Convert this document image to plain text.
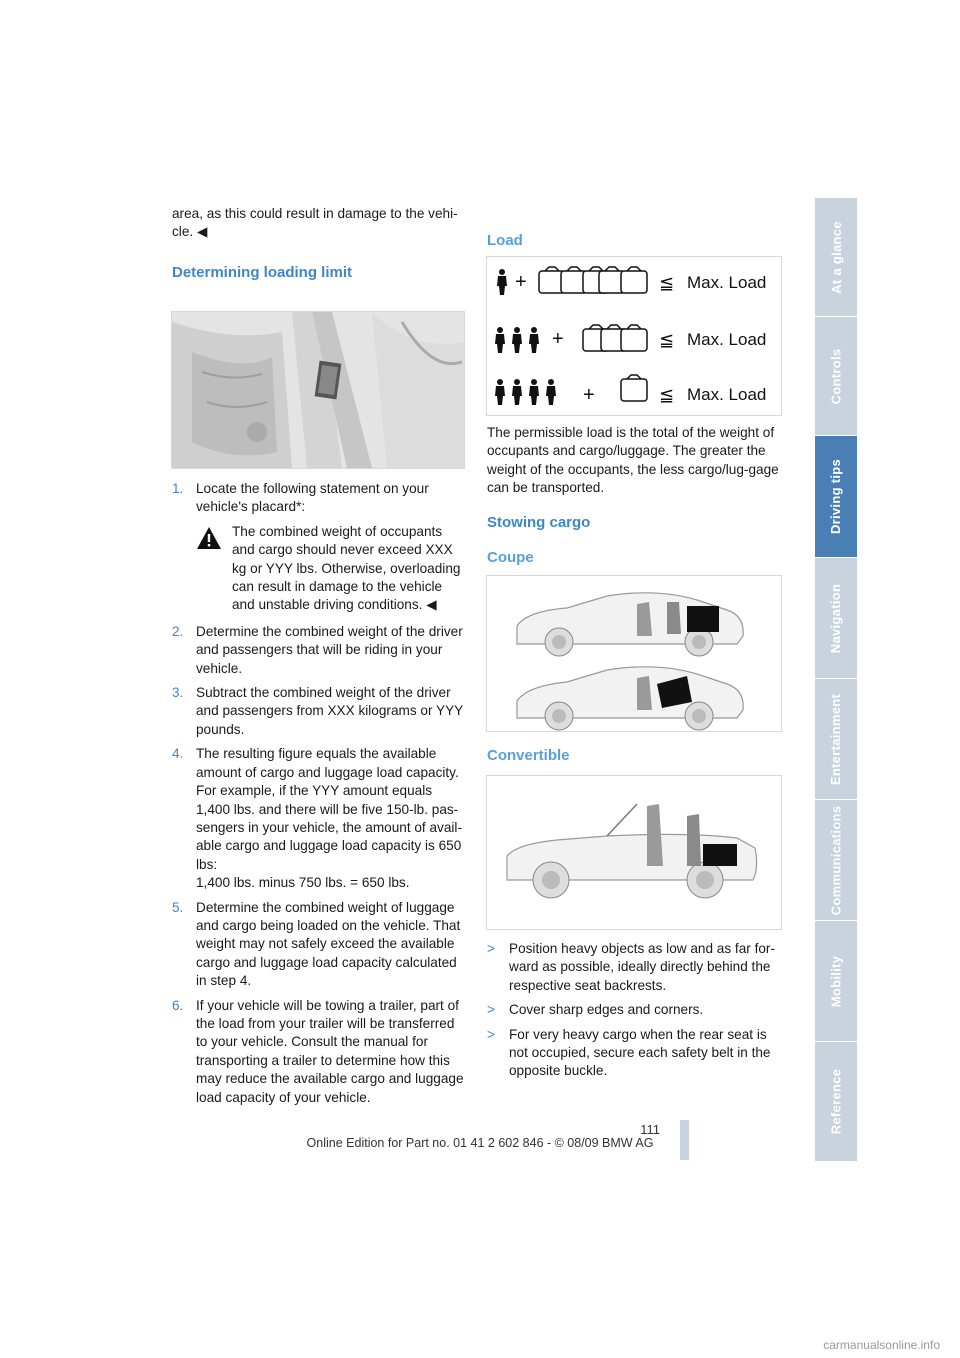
area, as this could result in damage to the vehi-cle. ◀
Determining loading limit
1. Locate the following statement on your vehicle's placard*:
The combined weight of occupants and cargo should never exceed XXX kg or YYY lbs. Otherwise, overloading can result in damage to the vehicle and unstable driving conditions. ◀
2. Determine the combined weight of the driver and passengers that will be riding in your vehicle.
3. Subtract the combined weight of the driver and passengers from XXX kilograms or YYY pounds.
4. The resulting figure equals the available amount of cargo and luggage load capacity. For example, if the YYY amount equals 1,400 lbs. and there will be five 150-lb. pas-sengers in your vehicle, the amount of avail-able cargo and luggage load capacity is 650 lbs:
1,400 lbs. minus 750 lbs. = 650 lbs.
5. Determine the combined weight of luggage and cargo being loaded on the vehicle. That weight may not safely exceed the available cargo and luggage load capacity calculated in step 4.
6. If your vehicle will be towing a trailer, part of the load from your trailer will be transferred to your vehicle. Consult the manual for transporting a trailer to determine how this may reduce the available cargo and luggage load capacity of your vehicle.
Load
+	≦ Max. Load
+	≦ Max. Load
+	≦ Max. Load
The permissible load is the total of the weight of occupants and cargo/luggage. The greater the weight of the occupants, the less cargo/lug-gage can be transported.
Stowing cargo
Coupe
Convertible
> Position heavy objects as low and as far for-ward as possible, ideally directly behind the respective seat backrests.
> Cover sharp edges and corners.
> For very heavy cargo when the rear seat is not occupied, secure each safety belt in the opposite buckle.
At a glance
Controls
Driving tips
Navigation
Entertainment
Communications
Mobility
Reference
111
Online Edition for Part no. 01 41 2 602 846 - © 08/09 BMW AG
carmanualsonline.info
